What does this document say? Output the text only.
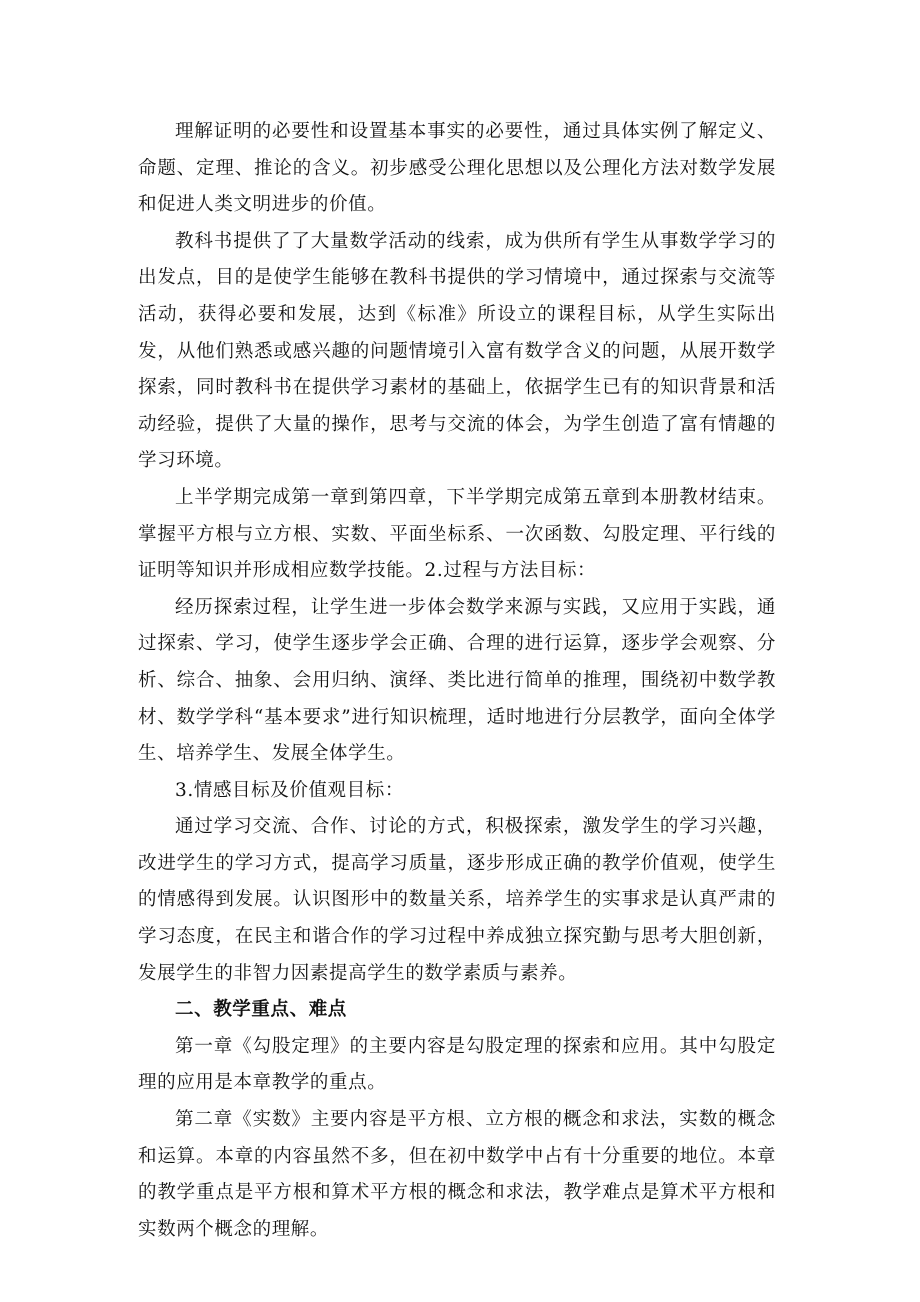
理解证明的必要性和设置基本事实的必要性，通过具体实例了解定义、命题、定理、推论的含义。初步感受公理化思想以及公理化方法对数学发展和促进人类文明进步的价值。

教科书提供了了大量数学活动的线索，成为供所有学生从事数学学习的出发点，目的是使学生能够在教科书提供的学习情境中，通过探索与交流等活动，获得必要和发展，达到《标准》所设立的课程目标，从学生实际出发，从他们熟悉或感兴趣的问题情境引入富有数学含义的问题，从展开数学探索，同时教科书在提供学习素材的基础上，依据学生已有的知识背景和活动经验，提供了大量的操作，思考与交流的体会，为学生创造了富有情趣的学习环境。

上半学期完成第一章到第四章，下半学期完成第五章到本册教材结束。掌握平方根与立方根、实数、平面坐标系、一次函数、勾股定理、平行线的证明等知识并形成相应数学技能。2.过程与方法目标：

经历探索过程，让学生进一步体会数学来源与实践，又应用于实践，通过探索、学习，使学生逐步学会正确、合理的进行运算，逐步学会观察、分析、综合、抽象、会用归纳、演绎、类比进行简单的推理，围绕初中数学教材、数学学科“基本要求”进行知识梳理，适时地进行分层教学，面向全体学生、培养学生、发展全体学生。

3.情感目标及价值观目标：

通过学习交流、合作、讨论的方式，积极探索，激发学生的学习兴趣，改进学生的学习方式，提高学习质量，逐步形成正确的教学价值观，使学生的情感得到发展。认识图形中的数量关系，培养学生的实事求是认真严肃的学习态度，在民主和谐合作的学习过程中养成独立探究勤与思考大胆创新，发展学生的非智力因素提高学生的数学素质与素养。

二、教学重点、难点

第一章《勾股定理》的主要内容是勾股定理的探索和应用。其中勾股定理的应用是本章教学的重点。

第二章《实数》主要内容是平方根、立方根的概念和求法，实数的概念和运算。本章的内容虽然不多，但在初中数学中占有十分重要的地位。本章的教学重点是平方根和算术平方根的概念和求法，教学难点是算术平方根和实数两个概念的理解。
